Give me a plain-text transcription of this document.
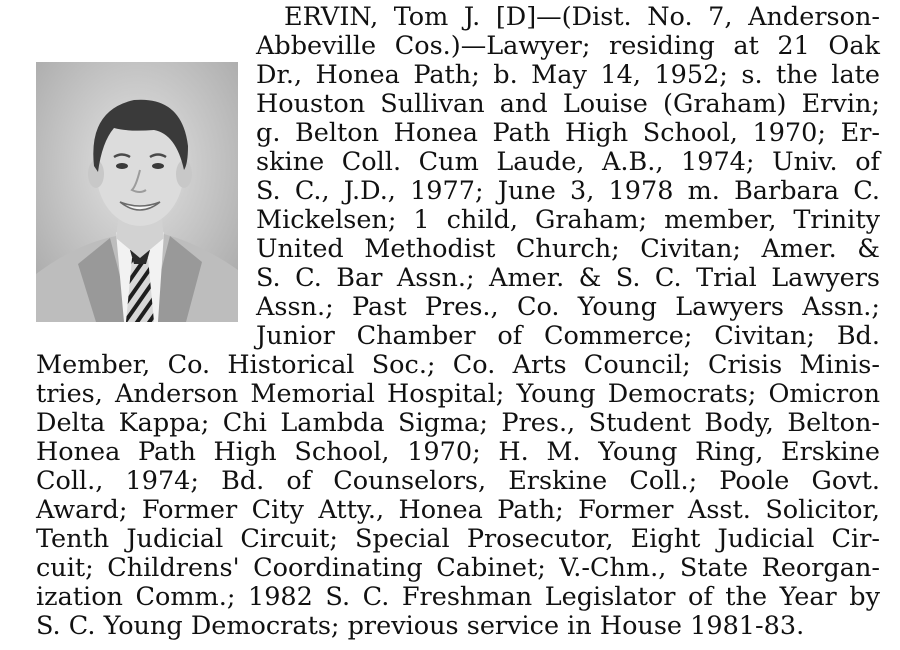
ERVIN, Tom J. [D]—(Dist. No. 7, Anderson-
Abbeville Cos.)—Lawyer; residing at 21 Oak
Dr., Honea Path; b. May 14, 1952; s. the late
Houston Sullivan and Louise (Graham) Ervin;
g. Belton Honea Path High School, 1970; Er-
skine Coll. Cum Laude, A.B., 1974; Univ. of
S. C., J.D., 1977; June 3, 1978 m. Barbara C.
Mickelsen; 1 child, Graham; member, Trinity
United Methodist Church; Civitan; Amer. &
S. C. Bar Assn.; Amer. & S. C. Trial Lawyers
Assn.; Past Pres., Co. Young Lawyers Assn.;
Junior Chamber of Commerce; Civitan; Bd.
Member, Co. Historical Soc.; Co. Arts Council; Crisis Minis-
tries, Anderson Memorial Hospital; Young Democrats; Omicron
Delta Kappa; Chi Lambda Sigma; Pres., Student Body, Belton-
Honea Path High School, 1970; H. M. Young Ring, Erskine
Coll., 1974; Bd. of Counselors, Erskine Coll.; Poole Govt.
Award; Former City Atty., Honea Path; Former Asst. Solicitor,
Tenth Judicial Circuit; Special Prosecutor, Eight Judicial Cir-
cuit; Childrens' Coordinating Cabinet; V.-Chm., State Reorgan-
ization Comm.; 1982 S. C. Freshman Legislator of the Year by
S. C. Young Democrats; previous service in House 1981-83.
